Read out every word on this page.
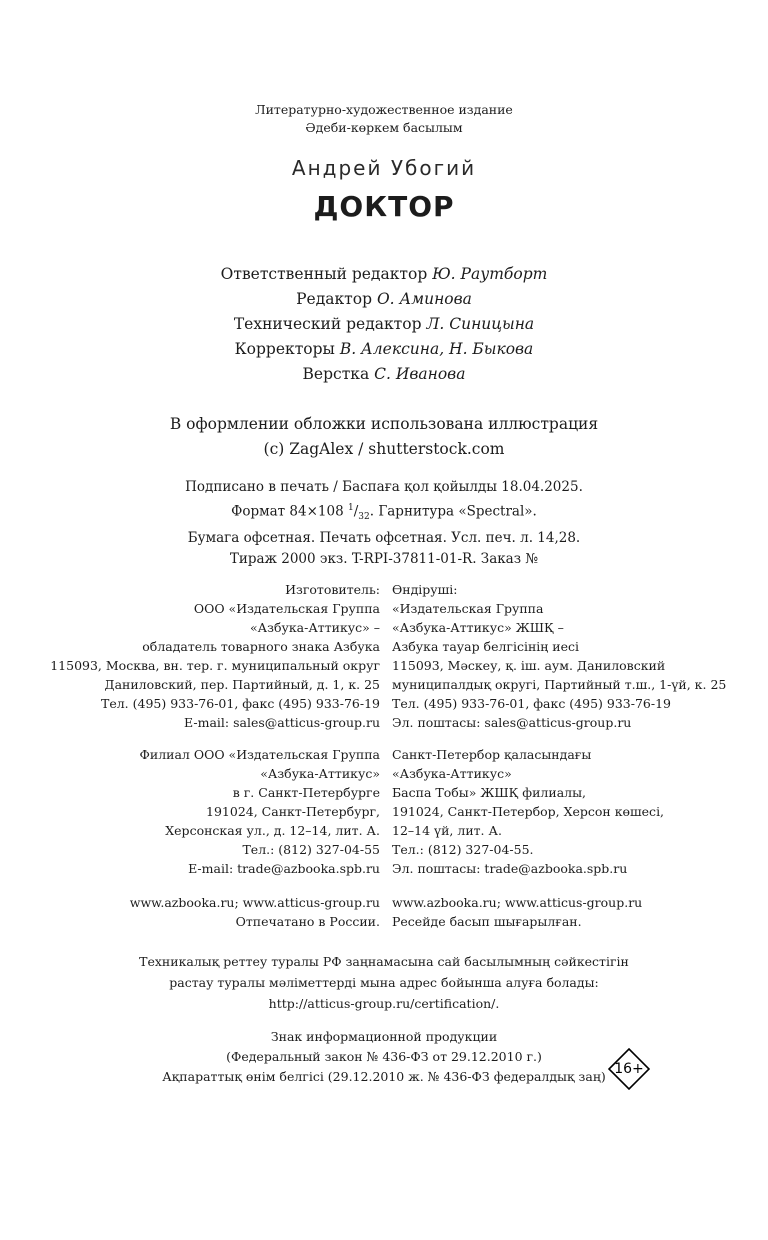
Литературно-художественное издание
Әдеби-көркем басылым
Андрей Убогий
ДОКТОР
Ответственный редактор Ю. Раутборт
Редактор О. Аминова
Технический редактор Л. Синицына
Корректоры В. Алексина, Н. Быкова
Верстка С. Иванова
В оформлении обложки использована иллюстрация
(c) ZagAlex / shutterstock.com
Подписано в печать / Баспаға қол қойылды 18.04.2025.
Формат 84×108 $^1/_{32}$. Гарнитура «Spectral».
Бумага офсетная. Печать офсетная. Усл. печ. л. 14,28.
Тираж 2000 экз. T-RPI-37811-01-R. Заказ №
Изготовитель: Өндіруші:
ООО «Издательская Группа «Издательская Группа
«Азбука-Аттикус» – «Азбука-Аттикус» ЖШҚ –
обладатель товарного знака Азбука Азбука тауар белгісінің иесі
115093, Москва, вн. тер. г. муниципальный округ 115093, Мәскеу, қ. іш. аум. Даниловский
Даниловский, пер. Партийный, д. 1, к. 25 муниципалдық округі, Партийный т.ш., 1-үй, к. 25
Тел. (495) 933-76-01, факс (495) 933-76-19 Тел. (495) 933-76-01, факс (495) 933-76-19
E-mail: sales@atticus-group.ru Эл. поштасы: sales@atticus-group.ru
Филиал ООО «Издательская Группа Санкт-Петербор қаласындағы
«Азбука-Аттикус» «Азбука-Аттикус»
в г. Санкт-Петербурге Баспа Тобы» ЖШҚ филиалы,
191024, Санкт-Петербург, 191024, Санкт-Петербор, Херсон көшесі,
Херсонская ул., д. 12–14, лит. А. 12–14 үй, лит. А.
Тел.: (812) 327-04-55 Тел.: (812) 327-04-55.
E-mail: trade@azbooka.spb.ru Эл. поштасы: trade@azbooka.spb.ru
www.azbooka.ru; www.atticus-group.ru www.azbooka.ru; www.atticus-group.ru
Отпечатано в России. Ресейде басып шығарылған.
Техникалық реттеу туралы РФ заңнамасына сай басылымның сәйкестігін
растау туралы мәліметтерді мына адрес бойынша алуға болады:
http://atticus-group.ru/certification/.
Знак информационной продукции
(Федеральный закон № 436-ФЗ от 29.12.2010 г.)
Ақпараттық өнім белгісі (29.12.2010 ж. № 436-ФЗ федералдық заң) 16+
